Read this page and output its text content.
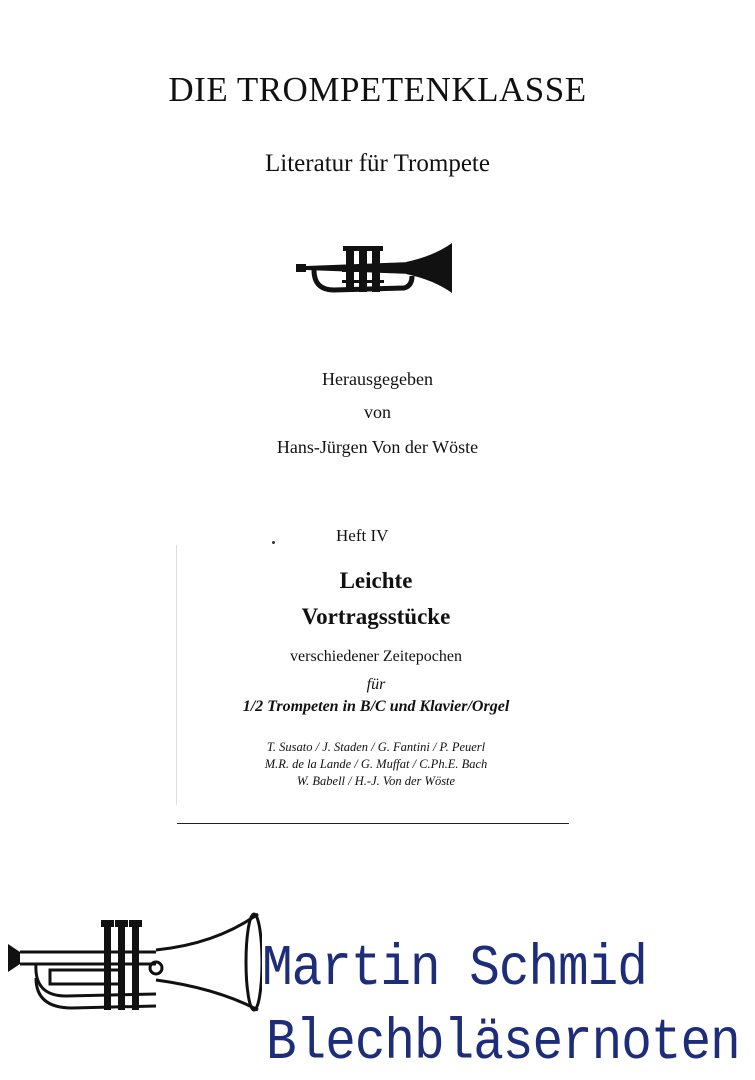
DIE TROMPETENKLASSE
Literatur für Trompete
Herausgegeben
von
Hans-Jürgen Von der Wöste
Heft IV
Leichte
Vortragsstücke
verschiedener Zeitepochen
für
1/2 Trompeten in B/C und Klavier/Orgel
T. Susato / J. Staden / G. Fantini / P. Peuerl
M.R. de la Lande / G. Muffat / C.Ph.E. Bach
W. Babell / H.-J. Von der Wöste
Martin Schmid
Blechbläsernoten
